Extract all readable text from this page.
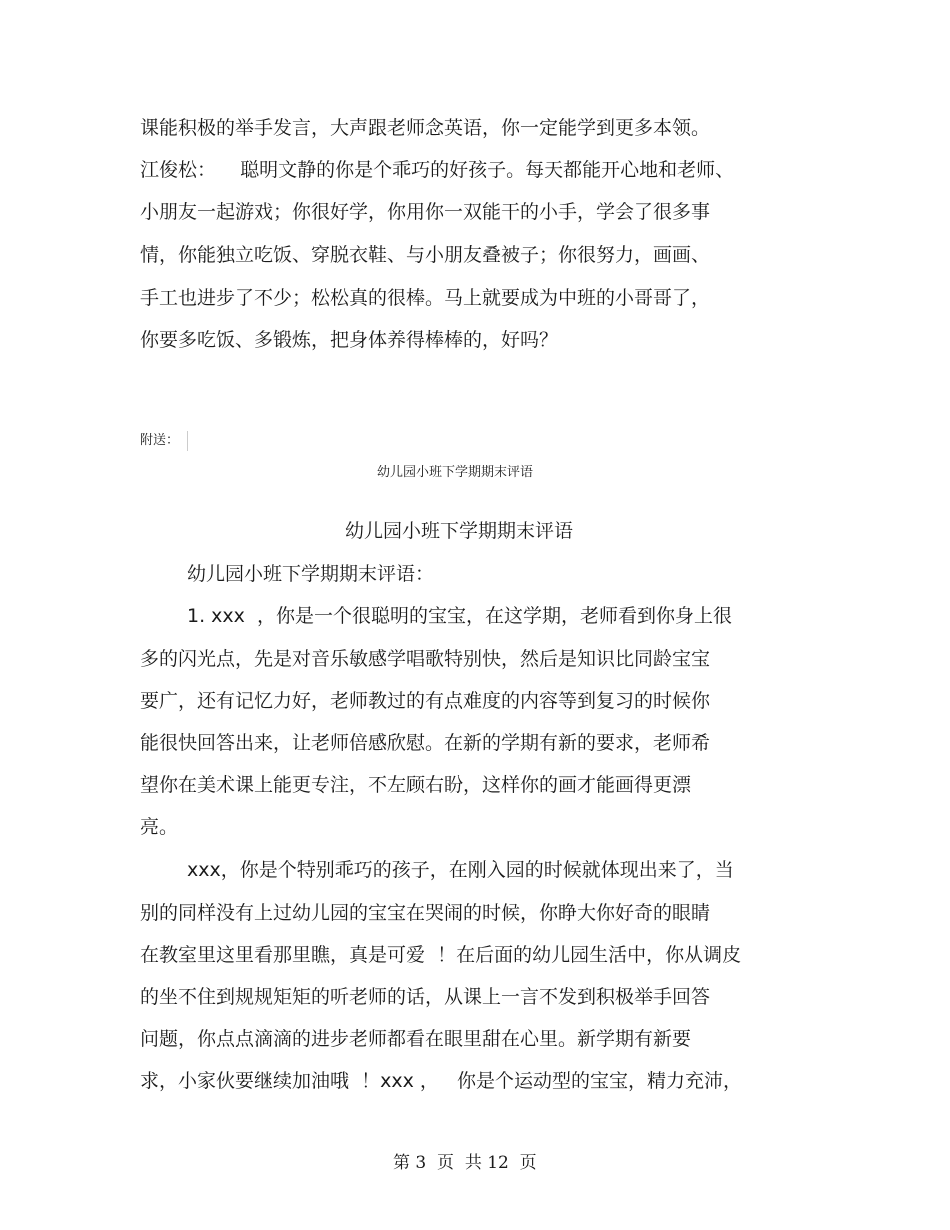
课能积极的举手发言，大声跟老师念英语，你一定能学到更多本领。
江俊松：    聪明文静的你是个乖巧的好孩子。每天都能开心地和老师、
小朋友一起游戏；你很好学，你用你一双能干的小手，学会了很多事
情，你能独立吃饭、穿脱衣鞋、与小朋友叠被子；你很努力，画画、
手工也进步了不少；松松真的很棒。马上就要成为中班的小哥哥了，
你要多吃饭、多锻炼，把身体养得棒棒的，好吗？
附送：
幼儿园小班下学期期末评语
幼儿园小班下学期期末评语
幼儿园小班下学期期末评语：
1. xxx  ，你是一个很聪明的宝宝，在这学期，老师看到你身上很
多的闪光点，先是对音乐敏感学唱歌特别快，然后是知识比同龄宝宝
要广，还有记忆力好，老师教过的有点难度的内容等到复习的时候你
能很快回答出来，让老师倍感欣慰。在新的学期有新的要求，老师希
望你在美术课上能更专注，不左顾右盼，这样你的画才能画得更漂
亮。
xxx，你是个特别乖巧的孩子，在刚入园的时候就体现出来了，当
别的同样没有上过幼儿园的宝宝在哭闹的时候，你睁大你好奇的眼睛
在教室里这里看那里瞧，真是可爱  ！在后面的幼儿园生活中，你从调皮
的坐不住到规规矩矩的听老师的话，从课上一言不发到积极举手回答
问题，你点点滴滴的进步老师都看在眼里甜在心里。新学期有新要
求，小家伙要继续加油哦  ！xxx ，   你是个运动型的宝宝，精力充沛，
第 3  页  共 12  页
